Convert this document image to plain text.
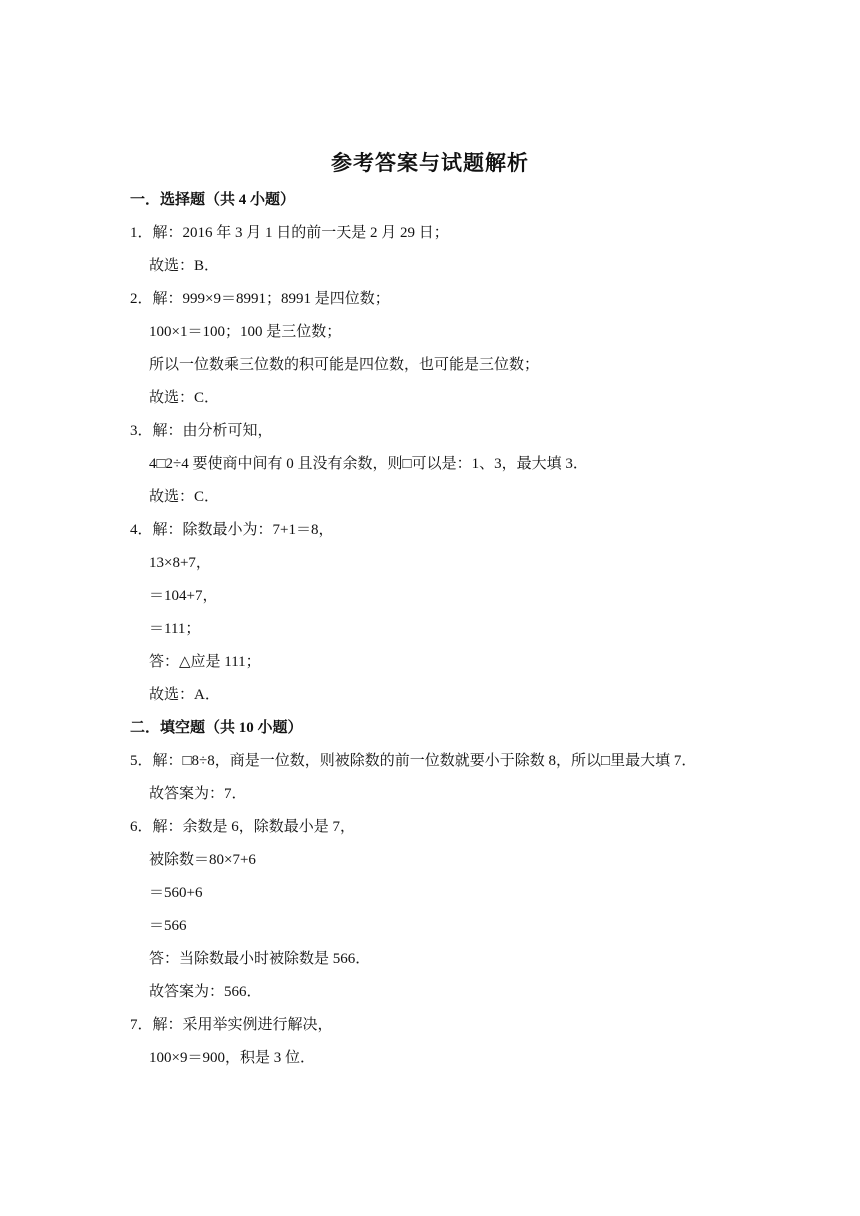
参考答案与试题解析
一．选择题（共 4 小题）
1．解：2016 年 3 月 1 日的前一天是 2 月 29 日；
故选：B．
2．解：999×9＝8991；8991 是四位数；
100×1＝100；100 是三位数；
所以一位数乘三位数的积可能是四位数，也可能是三位数；
故选：C．
3．解：由分析可知，
4□2÷4 要使商中间有 0 且没有余数，则□可以是：1、3，最大填 3．
故选：C．
4．解：除数最小为：7+1＝8，
13×8+7，
＝104+7，
＝111；
答：△应是 111；
故选：A．
二．填空题（共 10 小题）
5．解：□8÷8，商是一位数，则被除数的前一位数就要小于除数 8，所以□里最大填 7．
故答案为：7．
6．解：余数是 6，除数最小是 7，
被除数＝80×7+6
＝560+6
＝566
答：当除数最小时被除数是 566．
故答案为：566．
7．解：采用举实例进行解决，
100×9＝900，积是 3 位．
